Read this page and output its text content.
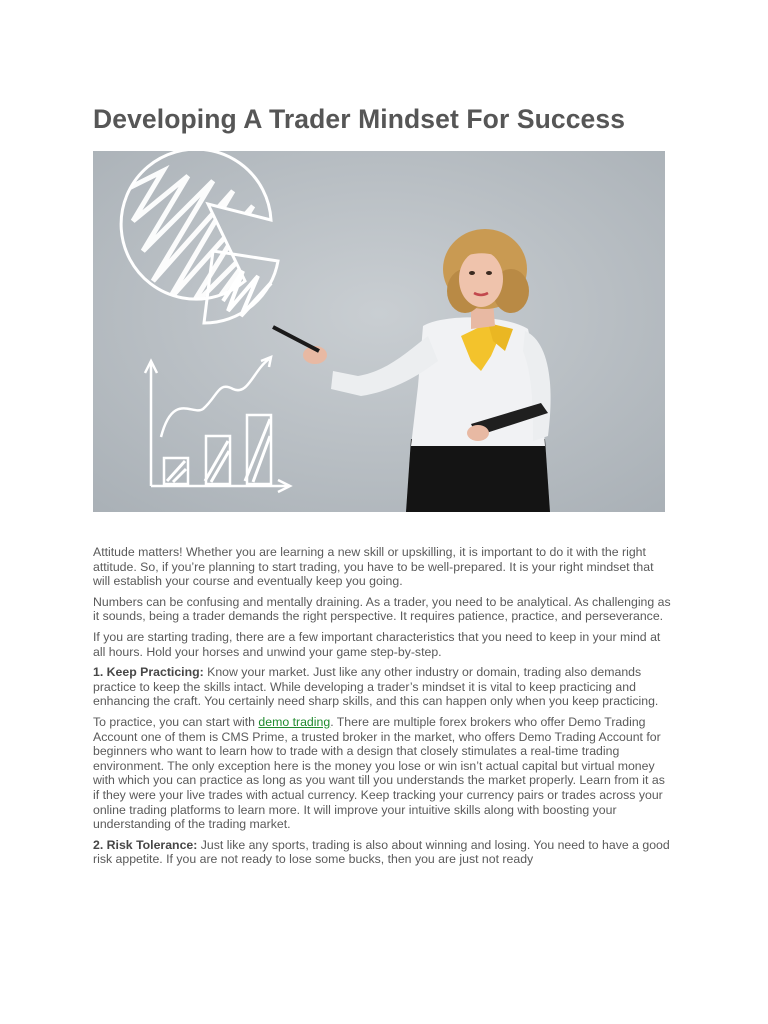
Developing A Trader Mindset For Success

Attitude matters! Whether you are learning a new skill or upskilling, it is important to do it with the right attitude. So, if you’re planning to start trading, you have to be well-prepared. It is your right mindset that will establish your course and eventually keep you going.

Numbers can be confusing and mentally draining. As a trader, you need to be analytical. As challenging as it sounds, being a trader demands the right perspective. It requires patience, practice, and perseverance.

If you are starting trading, there are a few important characteristics that you need to keep in your mind at all hours. Hold your horses and unwind your game step-by-step.

1. Keep Practicing: Know your market. Just like any other industry or domain, trading also demands practice to keep the skills intact. While developing a trader’s mindset it is vital to keep practicing and enhancing the craft. You certainly need sharp skills, and this can happen only when you keep practicing.

To practice, you can start with demo trading. There are multiple forex brokers who offer Demo Trading Account one of them is CMS Prime, a trusted broker in the market, who offers Demo Trading Account for beginners who want to learn how to trade with a design that closely stimulates a real-time trading environment. The only exception here is the money you lose or win isn’t actual capital but virtual money with which you can practice as long as you want till you understands the market properly. Learn from it as if they were your live trades with actual currency. Keep tracking your currency pairs or trades across your online trading platforms to learn more. It will improve your intuitive skills along with boosting your understanding of the trading market.

2. Risk Tolerance: Just like any sports, trading is also about winning and losing. You need to have a good risk appetite. If you are not ready to lose some bucks, then you are just not ready
